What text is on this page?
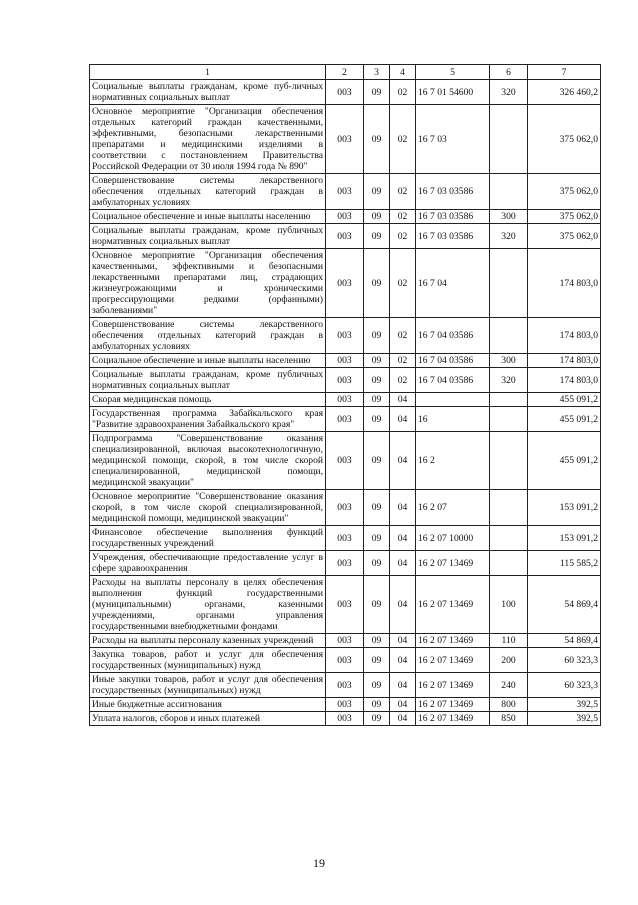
1	2	3	4	5	6	7
Социальные выплаты гражданам, кроме пуб-личных нормативных социальных выплат	003	09	02	16 7 01 54600	320	326 460,2
Основное мероприятие "Организация обеспечения отдельных категорий граждан качественными, эффективными, безопасными лекарственными препаратами и медицинскими изделиями в соответствии с постановлением Правительства Российской Федерации от 30 июля 1994 года № 890"	003	09	02	16 7 03		375 062,0
Совершенствование системы лекарственного обеспечения отдельных категорий граждан в амбулаторных условиях	003	09	02	16 7 03 03586		375 062,0
Социальное обеспечение и иные выплаты населению	003	09	02	16 7 03 03586	300	375 062,0
Социальные выплаты гражданам, кроме публичных нормативных социальных выплат	003	09	02	16 7 03 03586	320	375 062,0
Основное мероприятие "Организация обеспечения качественными, эффективными и безопасными лекарственными препаратами лиц, страдающих жизнеугрожающими и хроническими прогрессирующими редкими (орфанными) заболеваниями"	003	09	02	16 7 04		174 803,0
Совершенствование системы лекарственного обеспечения отдельных категорий граждан в амбулаторных условиях	003	09	02	16 7 04 03586		174 803,0
Социальное обеспечение и иные выплаты населению	003	09	02	16 7 04 03586	300	174 803,0
Социальные выплаты гражданам, кроме публичных нормативных социальных выплат	003	09	02	16 7 04 03586	320	174 803,0
Скорая медицинская помощь	003	09	04			455 091,2
Государственная программа Забайкальского края "Развитие здравоохранения Забайкальского края"	003	09	04	16		455 091,2
Подпрограмма "Совершенствование оказания специализированной, включая высокотехнологичную, медицинской помощи, скорой, в том числе скорой специализированной, медицинской помощи, медицинской эвакуации"	003	09	04	16 2		455 091,2
Основное мероприятие "Совершенствование оказания скорой, в том числе скорой специализированной, медицинской помощи, медицинской эвакуации"	003	09	04	16 2 07		153 091,2
Финансовое обеспечение выполнения функций государственных учреждений	003	09	04	16 2 07 10000		153 091,2
Учреждения, обеспечивающие предоставление услуг в сфере здравоохранения	003	09	04	16 2 07 13469		115 585,2
Расходы на выплаты персоналу в целях обеспечения выполнения функций государственными (муниципальными) органами, казенными учреждениями, органами управления государственными внебюджетными фондами	003	09	04	16 2 07 13469	100	54 869,4
Расходы на выплаты персоналу казенных учреждений	003	09	04	16 2 07 13469	110	54 869,4
Закупка товаров, работ и услуг для обеспечения государственных (муниципальных) нужд	003	09	04	16 2 07 13469	200	60 323,3
Иные закупки товаров, работ и услуг для обеспечения государственных (муниципальных) нужд	003	09	04	16 2 07 13469	240	60 323,3
Иные бюджетные ассигнования	003	09	04	16 2 07 13469	800	392,5
Уплата налогов, сборов и иных платежей	003	09	04	16 2 07 13469	850	392,5
19
